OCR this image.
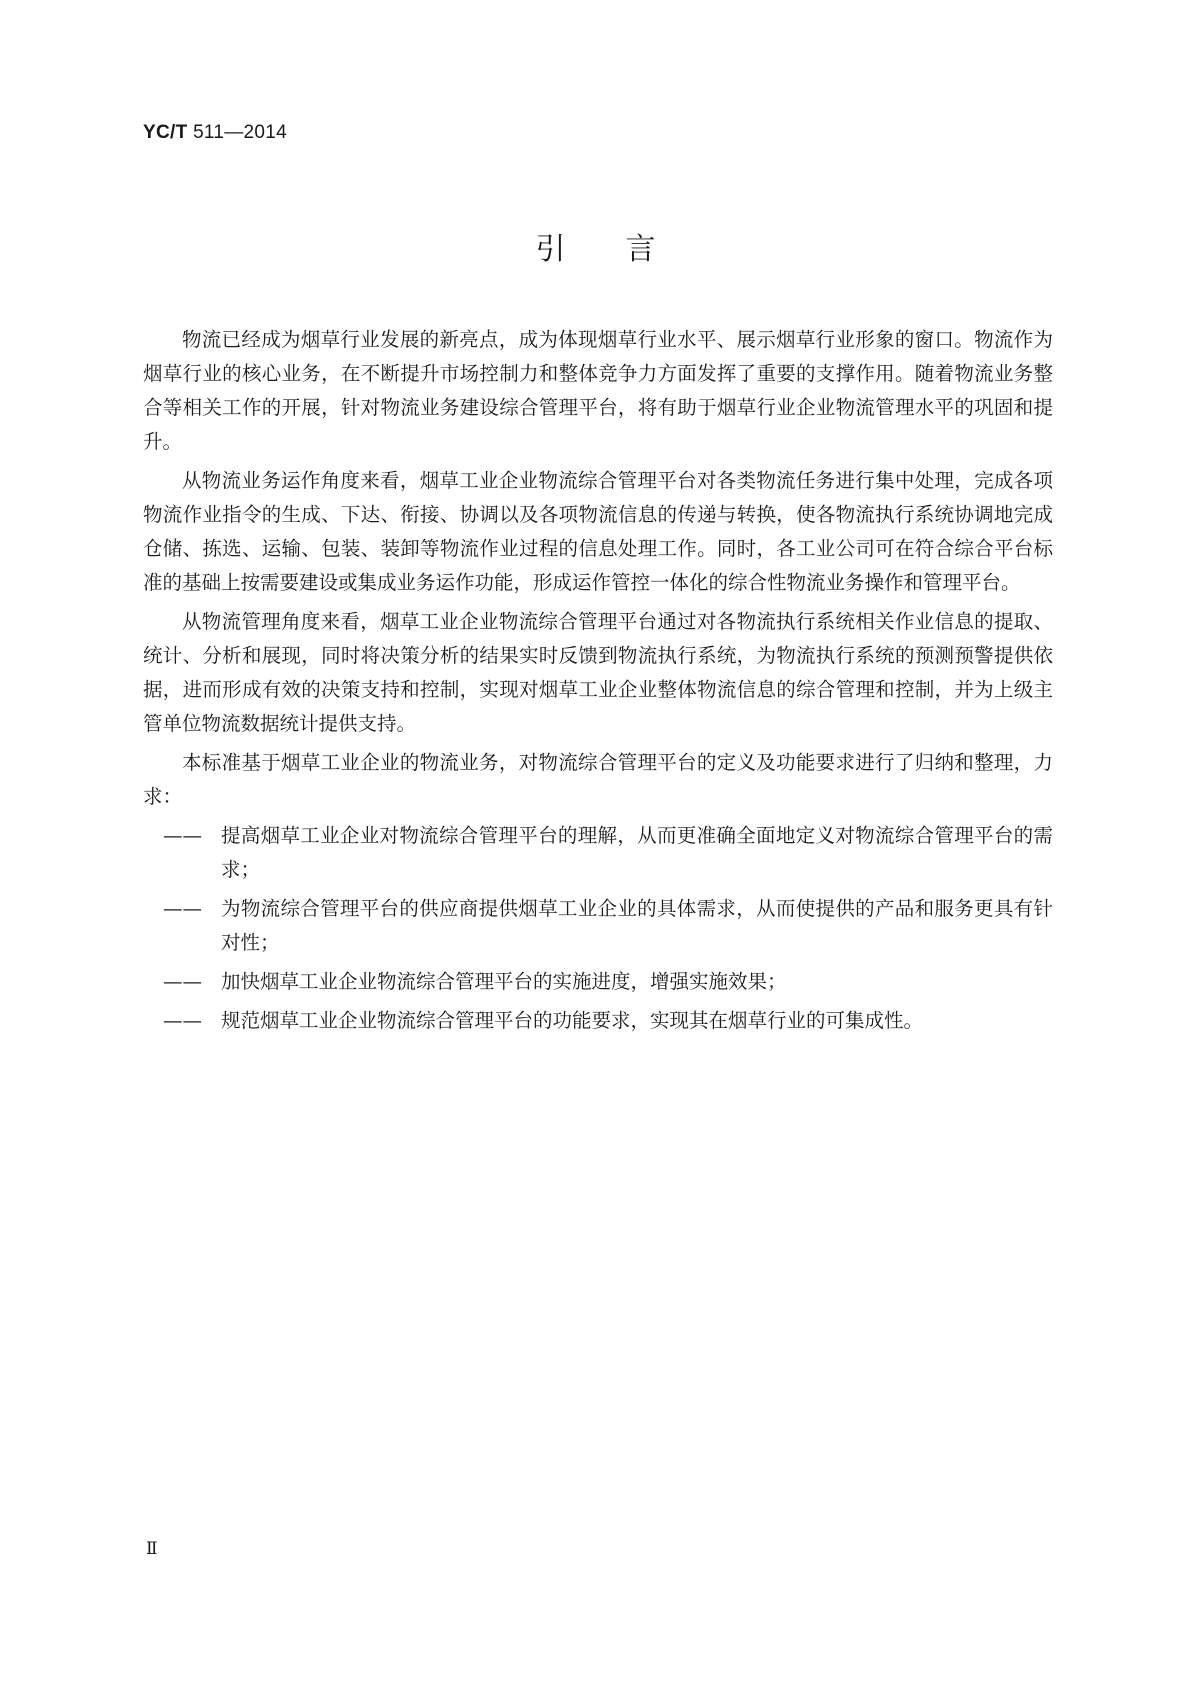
YC/T 511—2014
引言

物流已经成为烟草行业发展的新亮点，成为体现烟草行业水平、展示烟草行业形象的窗口。物流作为烟草行业的核心业务，在不断提升市场控制力和整体竞争力方面发挥了重要的支撑作用。随着物流业务整合等相关工作的开展，针对物流业务建设综合管理平台，将有助于烟草行业企业物流管理水平的巩固和提升。

从物流业务运作角度来看，烟草工业企业物流综合管理平台对各类物流任务进行集中处理，完成各项物流作业指令的生成、下达、衔接、协调以及各项物流信息的传递与转换，使各物流执行系统协调地完成仓储、拣选、运输、包装、装卸等物流作业过程的信息处理工作。同时，各工业公司可在符合综合平台标准的基础上按需要建设或集成业务运作功能，形成运作管控一体化的综合性物流业务操作和管理平台。

从物流管理角度来看，烟草工业企业物流综合管理平台通过对各物流执行系统相关作业信息的提取、统计、分析和展现，同时将决策分析的结果实时反馈到物流执行系统，为物流执行系统的预测预警提供依据，进而形成有效的决策支持和控制，实现对烟草工业企业整体物流信息的综合管理和控制，并为上级主管单位物流数据统计提供支持。

本标准基于烟草工业企业的物流业务，对物流综合管理平台的定义及功能要求进行了归纳和整理，力求：

—— 提高烟草工业企业对物流综合管理平台的理解，从而更准确全面地定义对物流综合管理平台的需求；
—— 为物流综合管理平台的供应商提供烟草工业企业的具体需求，从而使提供的产品和服务更具有针对性；
—— 加快烟草工业企业物流综合管理平台的实施进度，增强实施效果；
—— 规范烟草工业企业物流综合管理平台的功能要求，实现其在烟草行业的可集成性。
Ⅱ
